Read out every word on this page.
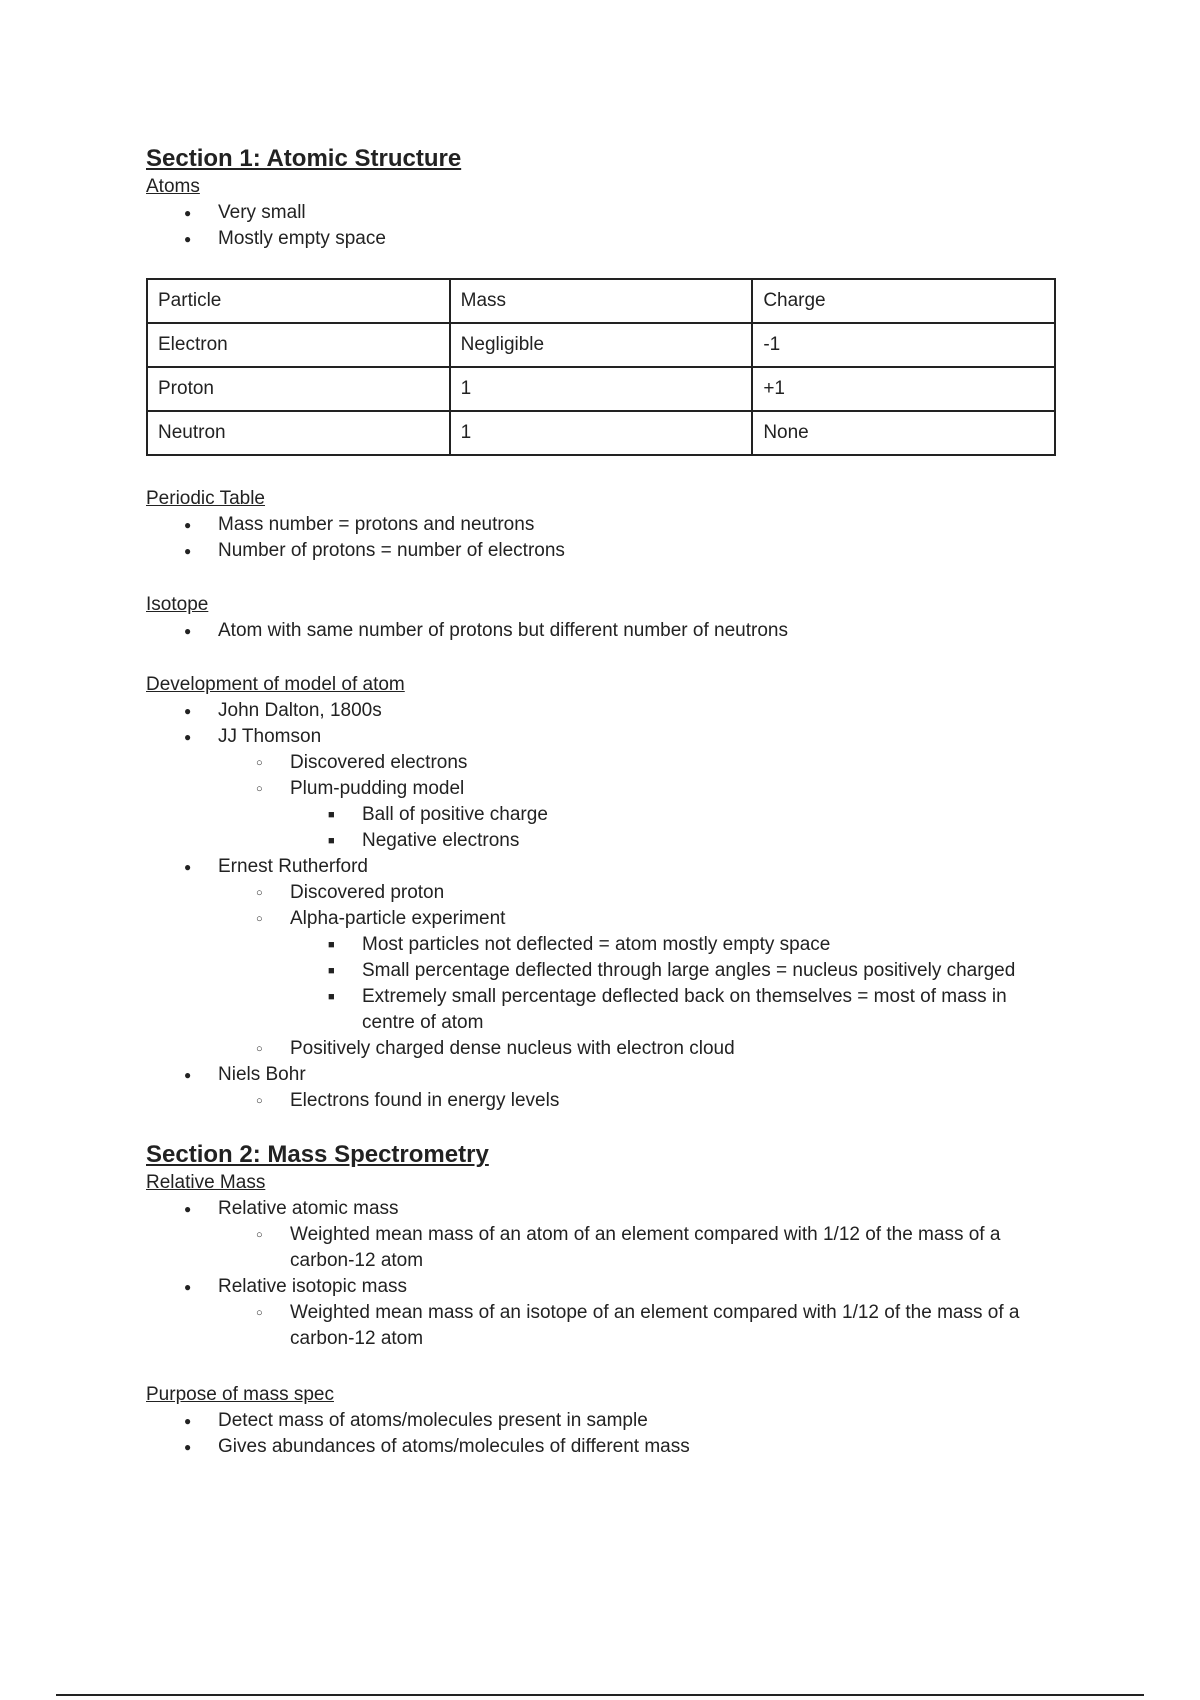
Section 1: Atomic Structure

Atoms

● Very small
● Mostly empty space
Particle	Mass	Charge
Electron	Negligible	-1
Proton	1	+1
Neutron	1	None

Periodic Table

● Mass number = protons and neutrons
● Number of protons = number of electrons

Isotope

● Atom with same number of protons but different number of neutrons

Development of model of atom

● John Dalton, 1800s
● JJ Thomson
○ Discovered electrons
○ Plum-pudding model
■ Ball of positive charge
■ Negative electrons
● Ernest Rutherford
○ Discovered proton
○ Alpha-particle experiment
■ Most particles not deflected = atom mostly empty space
■ Small percentage deflected through large angles = nucleus positively charged
■ Extremely small percentage deflected back on themselves = most of mass in centre of atom
○ Positively charged dense nucleus with electron cloud
● Niels Bohr
○ Electrons found in energy levels
Section 2: Mass Spectrometry

Relative Mass

● Relative atomic mass
○ Weighted mean mass of an atom of an element compared with 1/12 of the mass of a carbon-12 atom
● Relative isotopic mass
○ Weighted mean mass of an isotope of an element compared with 1/12 of the mass of a carbon-12 atom

Purpose of mass spec

● Detect mass of atoms/molecules present in sample
● Gives abundances of atoms/molecules of different mass
